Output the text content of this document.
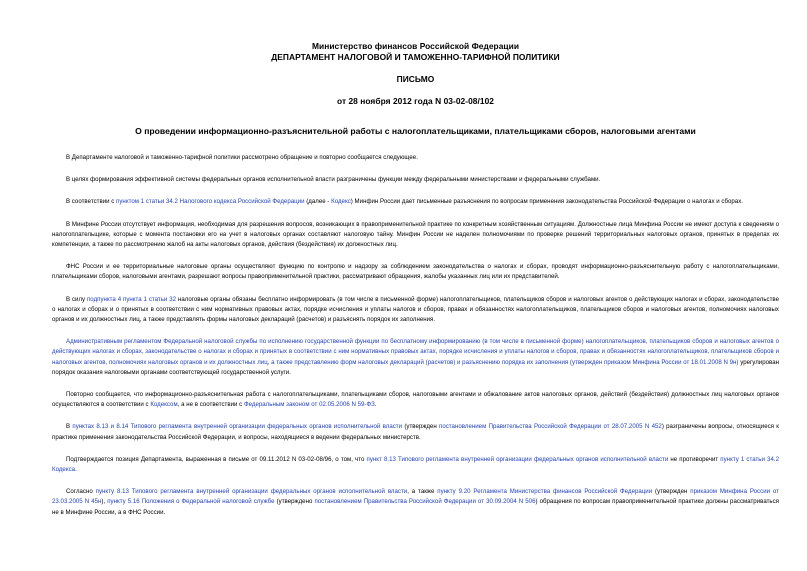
Министерство финансов Российской Федерации
ДЕПАРТАМЕНТ НАЛОГОВОЙ И ТАМОЖЕННО-ТАРИФНОЙ ПОЛИТИКИ
ПИСЬМО
от 28 ноября 2012 года N 03-02-08/102
О проведении информационно-разъяснительной работы с налогоплательщиками, плательщиками сборов, налоговыми агентами

В Департаменте налоговой и таможенно-тарифной политики рассмотрено обращение и повторно сообщается следующее.

В целях формирования эффективной системы федеральных органов исполнительной власти разграничены функции между федеральными министерствами и федеральными службами.

В соответствии с пунктом 1 статьи 34.2 Налогового кодекса Российской Федерации (далее - Кодекс) Минфин России дает письменные разъяснения по вопросам применения законодательства Российской Федерации о налогах и сборах.

В Минфине России отсутствует информация, необходимая для разрешения вопросов, возникающих в правоприменительной практике по конкретным хозяйственным ситуациям. Должностные лица Минфина России не имеют доступа к сведениям о налогоплательщике, которые с момента постановки его на учет в налоговых органах составляют налоговую тайну. Минфин России не наделен полномочиями по проверке решений территориальных налоговых органов, принятых в пределах их компетенции, а также по рассмотрению жалоб на акты налоговых органов, действия (бездействия) их должностных лиц.

ФНС России и ее территориальные налоговые органы осуществляют функцию по контролю и надзору за соблюдением законодательства о налогах и сборах, проводят информационно-разъяснительную работу с налогоплательщиками, плательщиками сборов, налоговыми агентами, разрешают вопросы правоприменительной практики, рассматривают обращения, жалобы указанных лиц или их представителей.

В силу подпункта 4 пункта 1 статьи 32 налоговые органы обязаны бесплатно информировать (в том числе в письменной форме) налогоплательщиков, плательщиков сборов и налоговых агентов о действующих налогах и сборах, законодательстве о налогах и сборах и о принятых в соответствии с ним нормативных правовых актах, порядке исчисления и уплаты налогов и сборов, правах и обязанностях налогоплательщиков, плательщиков сборов и налоговых агентов, полномочиях налоговых органов и их должностных лиц, а также представлять формы налоговых деклараций (расчетов) и разъяснять порядок их заполнения.

Административным регламентом Федеральной налоговой службы по исполнению государственной функции по бесплатному информированию (в том числе в письменной форме) налогоплательщиков, плательщиков сборов и налоговых агентов о действующих налогах и сборах, законодательстве о налогах и сборах и принятых в соответствии с ним нормативных правовых актах, порядке исчисления и уплаты налогов и сборов, правах и обязанностях налогоплательщиков, плательщиков сборов и налоговых агентов, полномочиях налоговых органов и их должностных лиц, а также представлению форм налоговых деклараций (расчетов) и разъяснению порядка их заполнения (утвержден приказом Минфина России от 18.01.2008 N 9н) урегулирован порядок оказания налоговыми органами соответствующей государственной услуги.

Повторно сообщается, что информационно-разъяснительная работа с налогоплательщиками, плательщиками сборов, налоговыми агентами и обжалование актов налоговых органов, действий (бездействия) должностных лиц налоговых органов осуществляются в соответствии с Кодексом, а не в соответствии с Федеральным законом от 02.05.2006 N 59-ФЗ.

В пунктах 8.13 и 8.14 Типового регламента внутренней организации федеральных органов исполнительной власти (утвержден постановлением Правительства Российской Федерации от 28.07.2005 N 452) разграничены вопросы, относящиеся к практике применения законодательства Российской Федерации, и вопросы, находящиеся в ведении федеральных министерств.

Подтверждается позиция Департамента, выраженная в письме от 09.11.2012 N 03-02-08/96, о том, что пункт 8.13 Типового регламента внутренней организации федеральных органов исполнительной власти не противоречит пункту 1 статьи 34.2 Кодекса.

Согласно пункту 8.13 Типового регламента внутренней организации федеральных органов исполнительной власти, а также пункту 9.20 Регламента Министерства финансов Российской Федерации (утвержден приказом Минфина России от 23.03.2005 N 45н), пункту 5.16 Положения о Федеральной налоговой службе (утверждено постановлением Правительства Российской Федерации от 30.09.2004 N 506) обращения по вопросам правоприменительной практики должны рассматриваться не в Минфине России, а в ФНС России.
